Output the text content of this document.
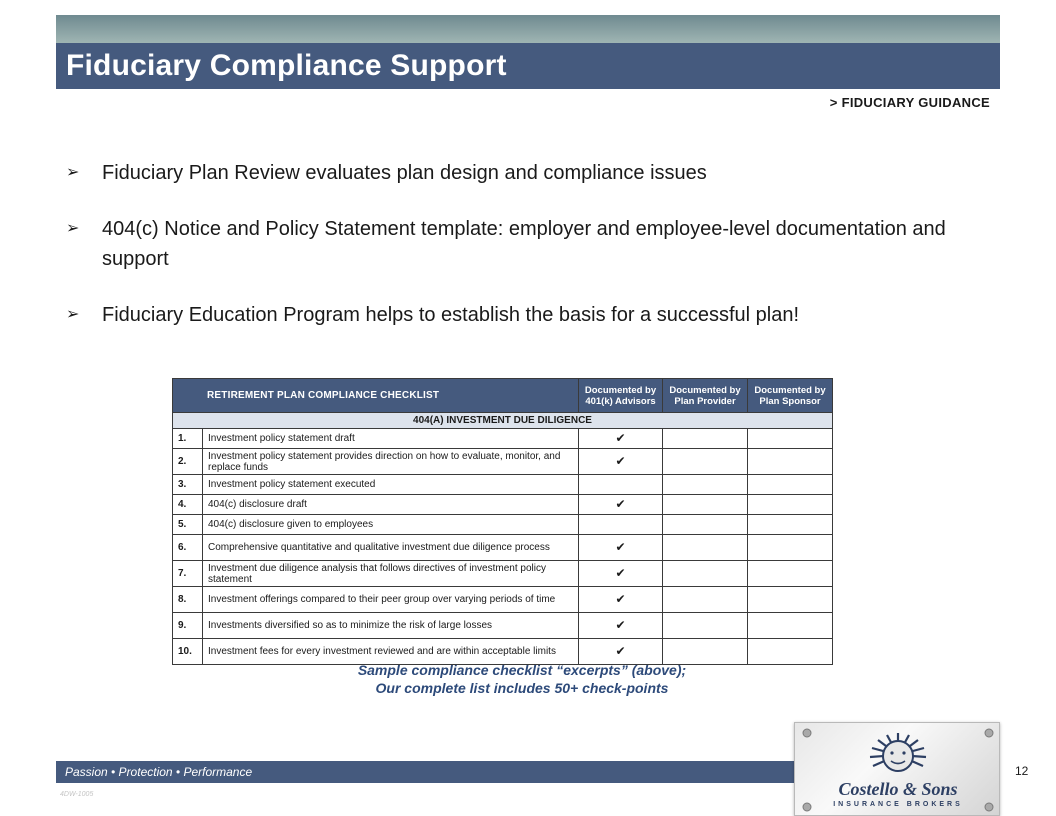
Fiduciary Compliance Support
> FIDUCIARY GUIDANCE
➢	Fiduciary Plan Review evaluates plan design and compliance issues
➢	404(c) Notice and Policy Statement template: employer and employee-level documentation and support
➢	Fiduciary Education Program helps to establish the basis for a successful plan!
RETIREMENT PLAN COMPLIANCE CHECKLIST		Documented by 401(k) Advisors	Documented by Plan Provider	Documented by Plan Sponsor
404(A) INVESTMENT DUE DILIGENCE				
1.	Investment policy statement draft	✔		
2.	Investment policy statement provides direction on how to evaluate, monitor, and replace funds	✔		
3.	Investment policy statement executed			
4.	404(c) disclosure draft	✔		
5.	404(c) disclosure given to employees			
6.	Comprehensive quantitative and qualitative investment due diligence process	✔		
7.	Investment due diligence analysis that follows directives of investment policy statement	✔		
8.	Investment offerings compared to their peer group over varying periods of time	✔		
9.	Investments diversified so as to minimize the risk of large losses	✔		
10.	Investment fees for every investment reviewed and are within acceptable limits	✔		
Sample compliance checklist “excerpts” (above);
Our complete list includes 50+ check-points
Passion • Protection • Performance	12
4DW-1005	Costello & Sons
INSURANCE BROKERS
